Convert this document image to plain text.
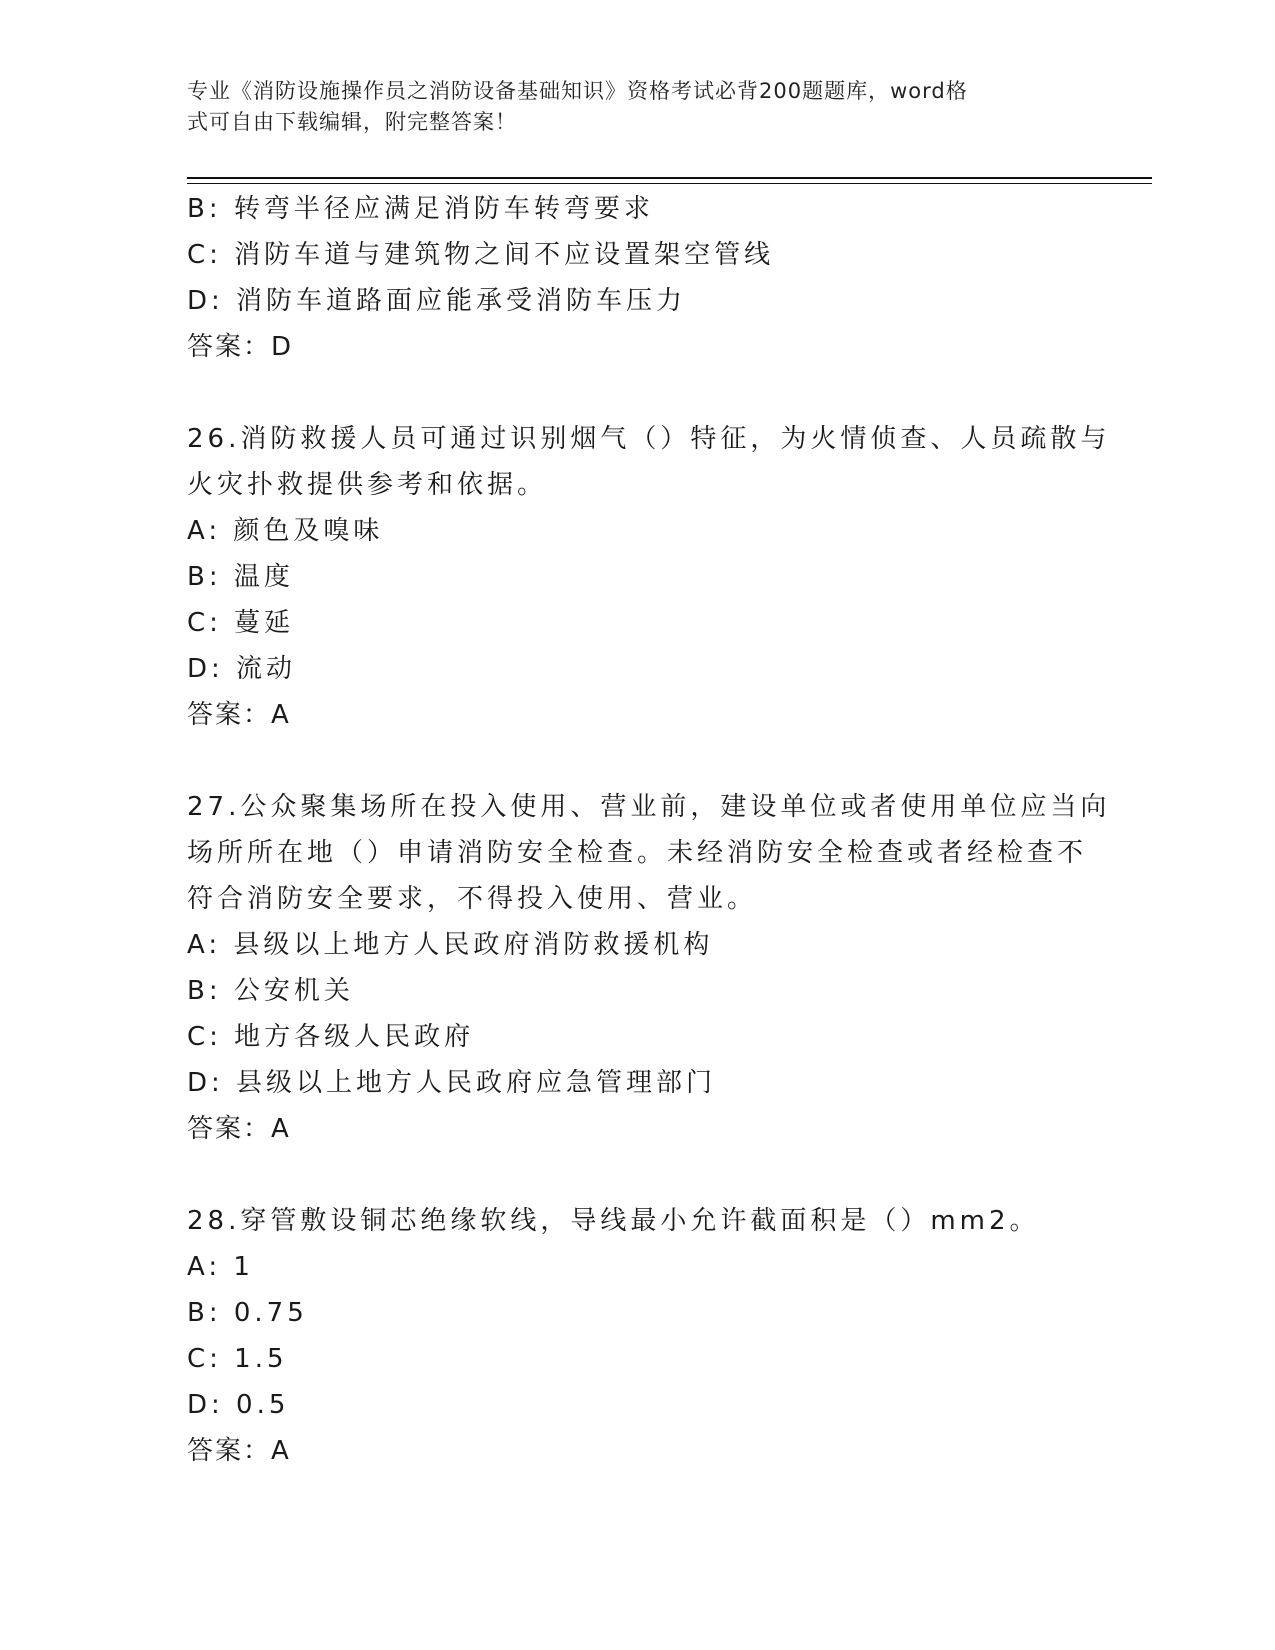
专业《消防设施操作员之消防设备基础知识》资格考试必背200题题库，word格
式可自由下载编辑，附完整答案！
B: 转弯半径应满足消防车转弯要求
C: 消防车道与建筑物之间不应设置架空管线
D: 消防车道路面应能承受消防车压力
答案：D
26.消防救援人员可通过识别烟气（）特征，为火情侦查、人员疏散与
火灾扑救提供参考和依据。
A: 颜色及嗅味
B: 温度
C: 蔓延
D: 流动
答案：A
27.公众聚集场所在投入使用、营业前，建设单位或者使用单位应当向
场所所在地（）申请消防安全检查。未经消防安全检查或者经检查不
符合消防安全要求，不得投入使用、营业。
A: 县级以上地方人民政府消防救援机构
B: 公安机关
C: 地方各级人民政府
D: 县级以上地方人民政府应急管理部门
答案：A
28.穿管敷设铜芯绝缘软线，导线最小允许截面积是（）mm2。
A: 1
B: 0.75
C: 1.5
D: 0.5
答案：A
